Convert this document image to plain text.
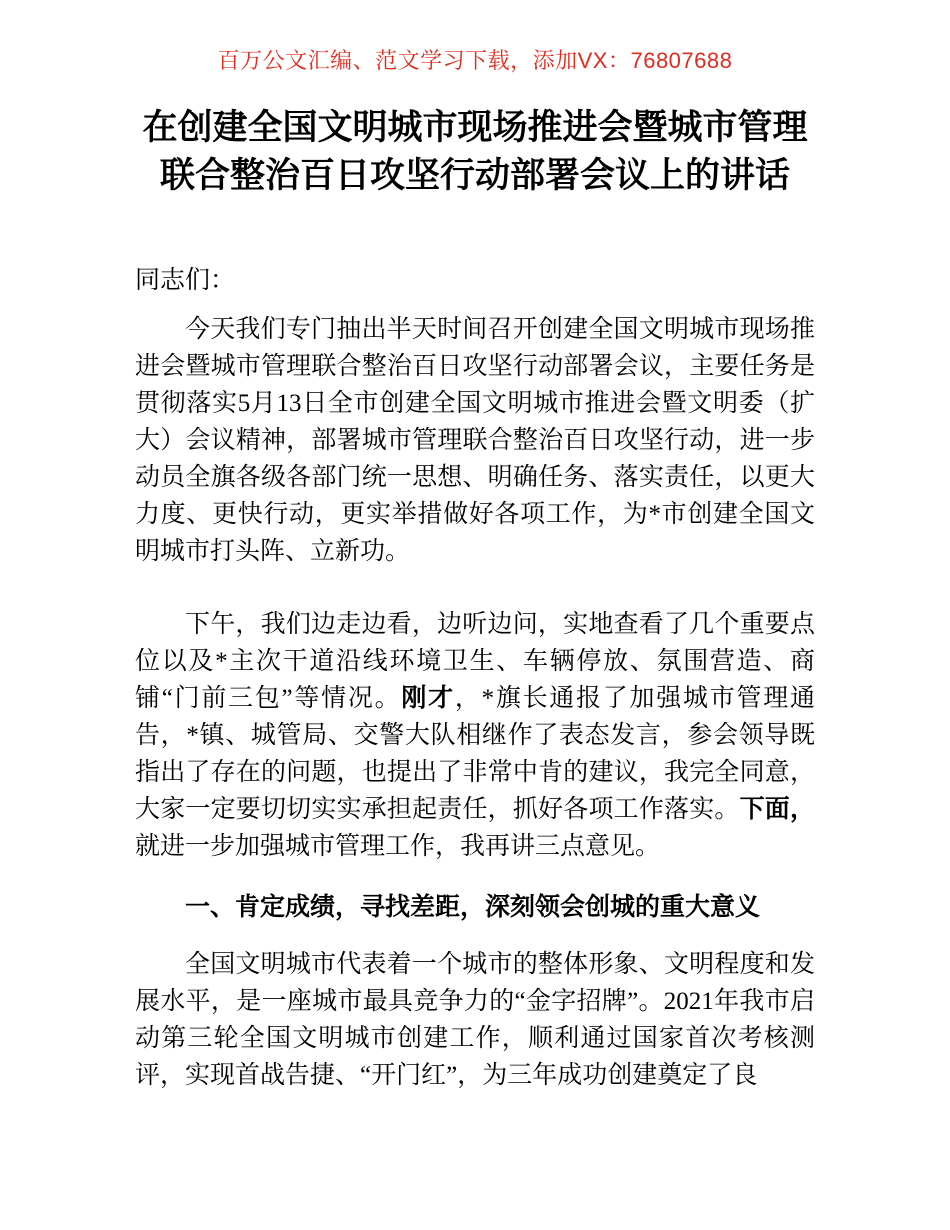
百万公文汇编、范文学习下载，添加VX：76807688
在创建全国文明城市现场推进会暨城市管理
联合整治百日攻坚行动部署会议上的讲话

同志们：

今天我们专门抽出半天时间召开创建全国文明城市现场推进会暨城市管理联合整治百日攻坚行动部署会议，主要任务是贯彻落实5月13日全市创建全国文明城市推进会暨文明委（扩大）会议精神，部署城市管理联合整治百日攻坚行动，进一步动员全旗各级各部门统一思想、明确任务、落实责任，以更大力度、更快行动，更实举措做好各项工作，为*市创建全国文明城市打头阵、立新功。

下午，我们边走边看，边听边问，实地查看了几个重要点位以及*主次干道沿线环境卫生、车辆停放、氛围营造、商铺“门前三包”等情况。刚才，*旗长通报了加强城市管理通告，*镇、城管局、交警大队相继作了表态发言，参会领导既指出了存在的问题，也提出了非常中肯的建议，我完全同意，大家一定要切切实实承担起责任，抓好各项工作落实。下面，就进一步加强城市管理工作，我再讲三点意见。

一、肯定成绩，寻找差距，深刻领会创城的重大意义

全国文明城市代表着一个城市的整体形象、文明程度和发展水平，是一座城市最具竞争力的“金字招牌”。2021年我市启动第三轮全国文明城市创建工作，顺利通过国家首次考核测评，实现首战告捷、“开门红”，为三年成功创建奠定了良
